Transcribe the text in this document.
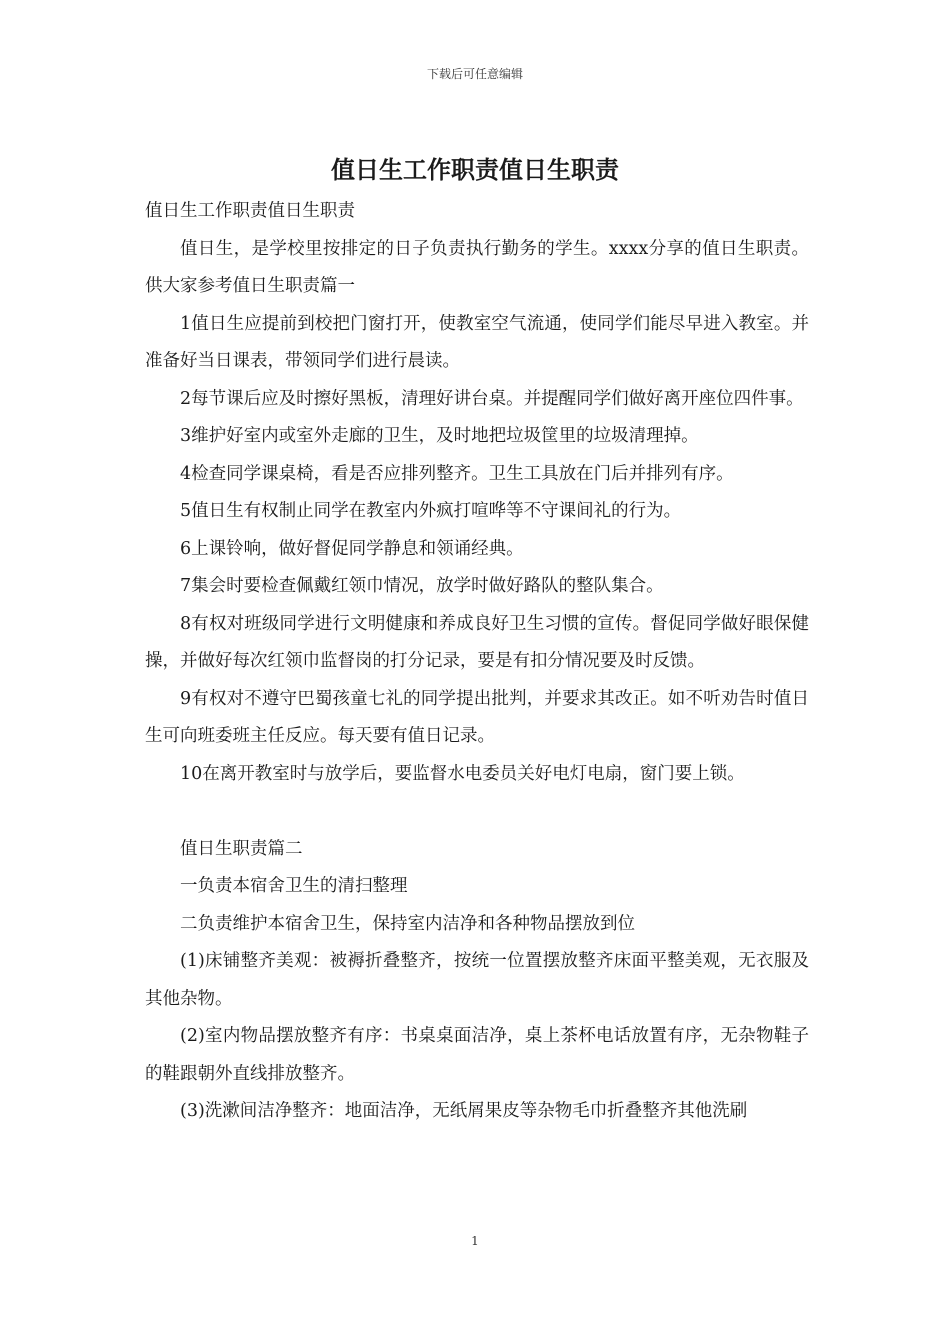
下载后可任意编辑
值日生工作职责值日生职责

值日生工作职责值日生职责

值日生，是学校里按排定的日子负责执行勤务的学生。xxxx分享的值日生职责。供大家参考值日生职责篇一

1值日生应提前到校把门窗打开，使教室空气流通，使同学们能尽早进入教室。并准备好当日课表，带领同学们进行晨读。

2每节课后应及时擦好黑板，清理好讲台桌。并提醒同学们做好离开座位四件事。

3维护好室内或室外走廊的卫生，及时地把垃圾筐里的垃圾清理掉。

4检查同学课桌椅，看是否应排列整齐。卫生工具放在门后并排列有序。

5值日生有权制止同学在教室内外疯打喧哗等不守课间礼的行为。

6上课铃响，做好督促同学静息和领诵经典。

7集会时要检查佩戴红领巾情况，放学时做好路队的整队集合。

8有权对班级同学进行文明健康和养成良好卫生习惯的宣传。督促同学做好眼保健操，并做好每次红领巾监督岗的打分记录，要是有扣分情况要及时反馈。

9有权对不遵守巴蜀孩童七礼的同学提出批判，并要求其改正。如不听劝告时值日生可向班委班主任反应。每天要有值日记录。

10在离开教室时与放学后，要监督水电委员关好电灯电扇，窗门要上锁。

值日生职责篇二

一负责本宿舍卫生的清扫整理

二负责维护本宿舍卫生，保持室内洁净和各种物品摆放到位

(1)床铺整齐美观：被褥折叠整齐，按统一位置摆放整齐床面平整美观，无衣服及其他杂物。

(2)室内物品摆放整齐有序：书桌桌面洁净，桌上茶杯电话放置有序，无杂物鞋子的鞋跟朝外直线排放整齐。

(3)洗漱间洁净整齐：地面洁净，无纸屑果皮等杂物毛巾折叠整齐其他洗刷

1
